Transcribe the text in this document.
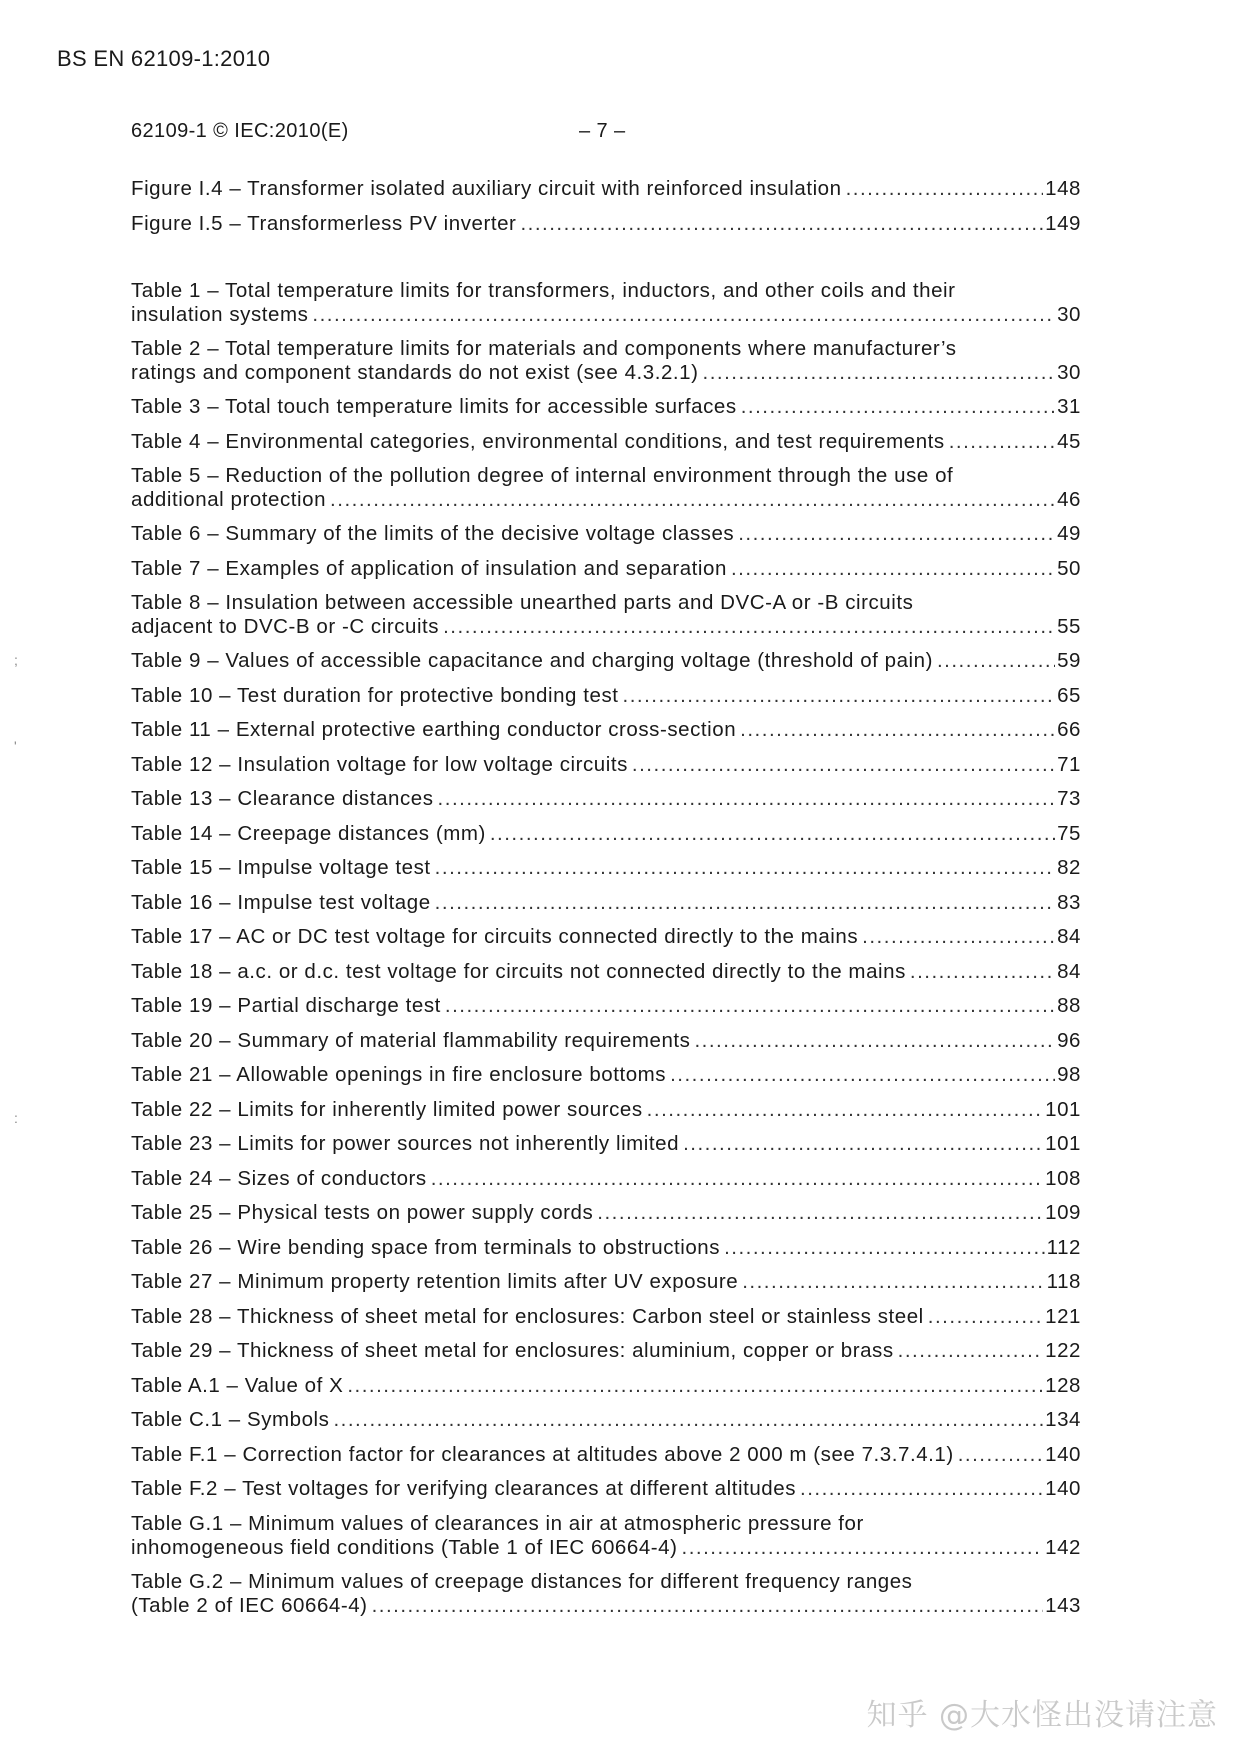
BS EN 62109-1:2010
62109-1 © IEC:2010(E)	– 7 –
Figure I.4 – Transformer isolated auxiliary circuit with reinforced insulation .....	148
Figure I.5 – Transformerless PV inverter .....	149
Table 1 – Total temperature limits for transformers, inductors, and other coils and their
insulation systems .....	30
Table 2 – Total temperature limits for materials and components where manufacturer’s
ratings and component standards do not exist (see 4.3.2.1) .....	30
Table 3 – Total touch temperature limits for accessible surfaces .....	31
Table 4 – Environmental categories, environmental conditions, and test requirements .....	45
Table 5 – Reduction of the pollution degree of internal environment through the use of
additional protection .....	46
Table 6 – Summary of the limits of the decisive voltage classes .....	49
Table 7 – Examples of application of insulation and separation .....	50
Table 8 – Insulation between accessible unearthed parts and DVC-A or -B circuits
adjacent to DVC-B or -C circuits .....	55
Table 9 – Values of accessible capacitance and charging voltage (threshold of pain) .....	59
Table 10 – Test duration for protective bonding test .....	65
Table 11 – External protective earthing conductor cross-section .....	66
Table 12 – Insulation voltage for low voltage circuits .....	71
Table 13 – Clearance distances .....	73
Table 14 – Creepage distances (mm) .....	75
Table 15 – Impulse voltage test .....	82
Table 16 – Impulse test voltage .....	83
Table 17 – AC or DC test voltage for circuits connected directly to the mains .....	84
Table 18 – a.c. or d.c. test voltage for circuits not connected directly to the mains .....	84
Table 19 – Partial discharge test .....	88
Table 20 – Summary of material flammability requirements .....	96
Table 21 – Allowable openings in fire enclosure bottoms .....	98
Table 22 – Limits for inherently limited power sources .....	101
Table 23 – Limits for power sources not inherently limited .....	101
Table 24 – Sizes of conductors .....	108
Table 25 – Physical tests on power supply cords .....	109
Table 26 – Wire bending space from terminals to obstructions .....	112
Table 27 – Minimum property retention limits after UV exposure .....	118
Table 28 – Thickness of sheet metal for enclosures: Carbon steel or stainless steel .....	121
Table 29 – Thickness of sheet metal for enclosures: aluminium, copper or brass .....	122
Table A.1 – Value of X .....	128
Table C.1 – Symbols .....	134
Table F.1 – Correction factor for clearances at altitudes above 2 000 m (see 7.3.7.4.1) .....	140
Table F.2 – Test voltages for verifying clearances at different altitudes .....	140
Table G.1 – Minimum values of clearances in air at atmospheric pressure for
inhomogeneous field conditions (Table 1 of IEC 60664-4) .....	142
Table G.2 – Minimum values of creepage distances for different frequency ranges
(Table 2 of IEC 60664-4) .....	143
;
'
:
知乎 @大水怪出没请注意
